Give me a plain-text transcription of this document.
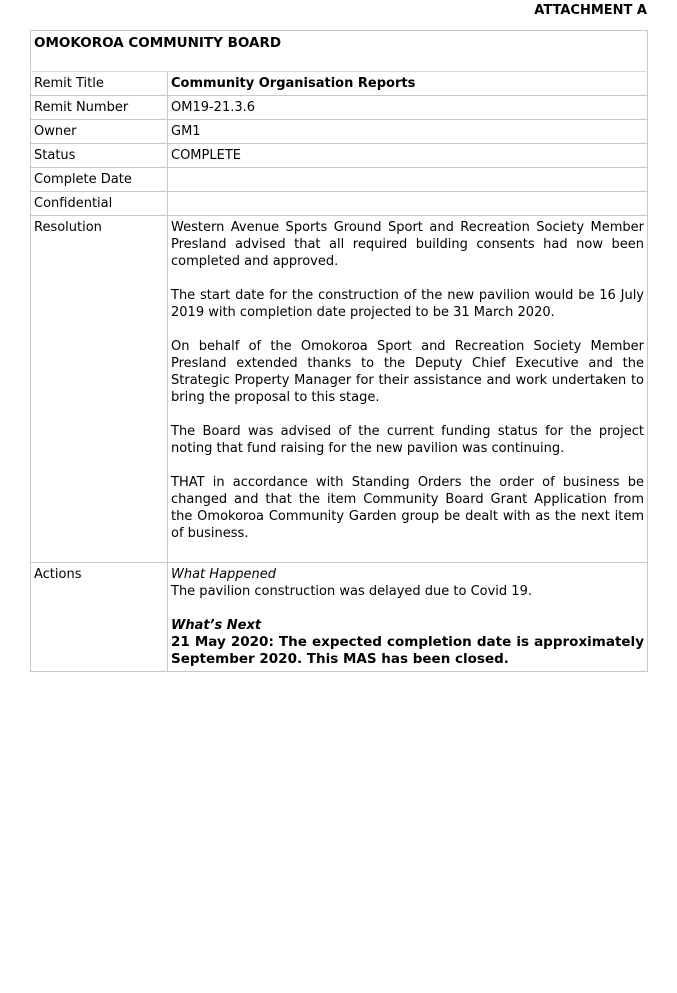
ATTACHMENT A
OMOKOROA COMMUNITY BOARD	
Remit Title	Community Organisation Reports
Remit Number	OM19-21.3.6
Owner	GM1
Status	COMPLETE
Complete Date	
Confidential	
Resolution	Western Avenue Sports Ground Sport and Recreation Society Member Presland advised that all required building consents had now been completed and approved.

The start date for the construction of the new pavilion would be 16 July 2019 with completion date projected to be 31 March 2020.

On behalf of the Omokoroa Sport and Recreation Society Member Presland extended thanks to the Deputy Chief Executive and the Strategic Property Manager for their assistance and work undertaken to bring the proposal to this stage.

The Board was advised of the current funding status for the project noting that fund raising for the new pavilion was continuing.

THAT in accordance with Standing Orders the order of business be changed and that the item Community Board Grant Application from the Omokoroa Community Garden group be dealt with as the next item of business.

Actions	What Happened
The pavilion construction was delayed due to Covid 19.
What’s Next
21 May 2020: The expected completion date is approximately September 2020. This MAS has been closed.
